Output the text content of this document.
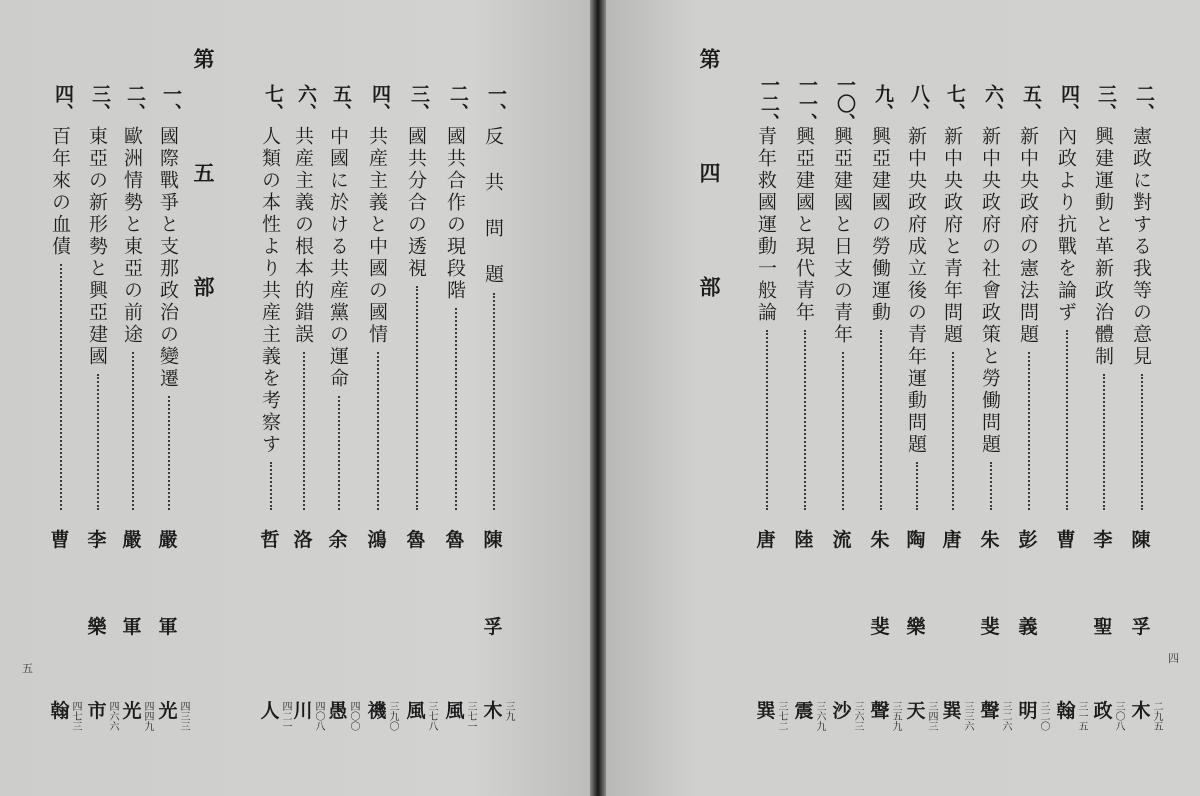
第　五　部
五
一、
反　共　問　題
陳
孚
木 三九
二、
國共合作の現段階
魯
風 三七一
三、
國共分合の透視
魯
風 三七八
四、
共産主義と中國の國情
鴻
禨 三九〇
五、
中國に於ける共産黨の運命
余
愚 四〇〇
六、
共産主義の根本的錯誤
洛
川 四〇八
七、
人類の本性より共産主義を考察す
哲
人 四二一
一、
國際戰爭と支那政治の變遷
嚴
軍
光 四三三
二、
歐洲情勢と東亞の前途
嚴
軍
光 四四九
三、
東亞の新形勢と興亞建國
李
樂
市 四六六
四、
百年來の血債
曹
翰 四七三
第　四　部
四
二、
憲政に對する我等の意見
陳
孚
木 二九五
三、
興建運動と革新政治體制
李
聖
政 三〇八
四、
內政より抗戰を論ず
曹
翰 三一五
五、
新中央政府の憲法問題
彭
義
明 三二〇
六、
新中央政府の社會政策と勞働問題
朱
斐
聲 三二六
七、
新中央政府と青年問題
唐
巽 三三六
八、
新中央政府成立後の青年運動問題
陶
樂
天 三四三
九、
興亞建國の勞働運動
朱
斐
聲 三五九
一〇、
興亞建國と日支の青年
流
沙 三六三
一一、
興亞建國と現代青年
陸
震 三六九
一二、
青年救國運動一般論
唐
巽 三七二
